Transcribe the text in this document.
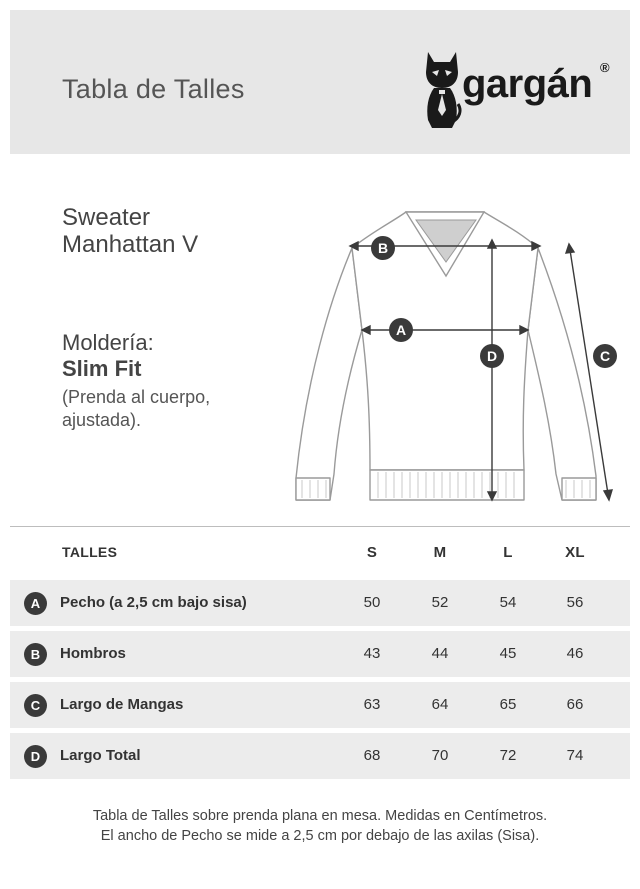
Tabla de Talles	gargán ®
Sweater
Manhattan V
Moldería:
Slim Fit
(Prenda al cuerpo, ajustada).
B
A
D	C
TALLES	S	M	L	XL
A	Pecho (a 2,5 cm bajo sisa)	50	52	54	56
B	Hombros	43	44	45	46
C	Largo de Mangas	63	64	65	66
D	Largo Total	68	70	72	74
Tabla de Talles sobre prenda plana en mesa. Medidas en Centímetros.
El ancho de Pecho se mide a 2,5 cm por debajo de las axilas (Sisa).
